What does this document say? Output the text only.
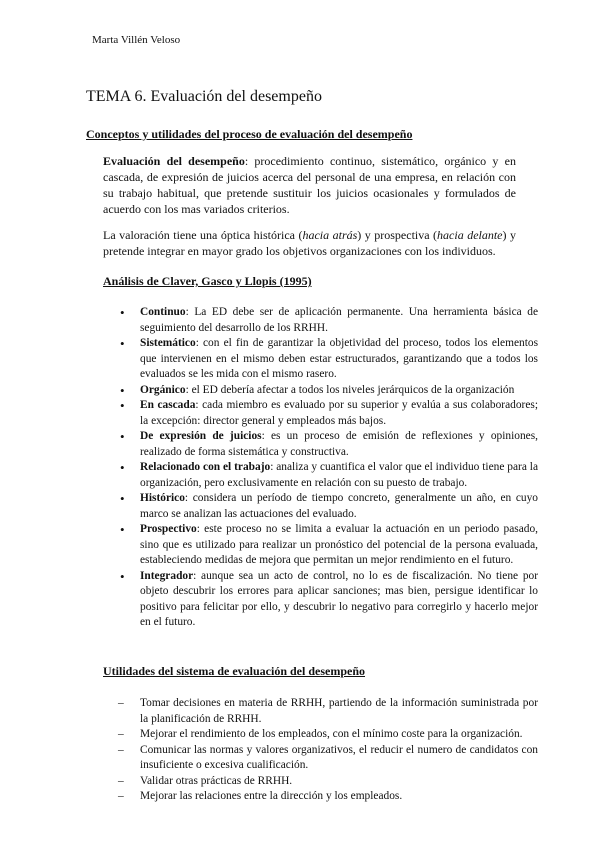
Marta Villén Veloso
TEMA 6. Evaluación del desempeño
Conceptos y utilidades del proceso de evaluación del desempeño

Evaluación del desempeño: procedimiento continuo, sistemático, orgánico y en cascada, de expresión de juicios acerca del personal de una empresa, en relación con su trabajo habitual, que pretende sustituir los juicios ocasionales y formulados de acuerdo con los mas variados criterios.

La valoración tiene una óptica histórica (hacia atrás) y prospectiva (hacia delante) y pretende integrar en mayor grado los objetivos organizaciones con los individuos.

Análisis de Claver, Gasco y Llopis (1995)
• Continuo: La ED debe ser de aplicación permanente. Una herramienta básica de seguimiento del desarrollo de los RRHH.
• Sistemático: con el fin de garantizar la objetividad del proceso, todos los elementos que intervienen en el mismo deben estar estructurados, garantizando que a todos los evaluados se les mida con el mismo rasero.
• Orgánico: el ED debería afectar a todos los niveles jerárquicos de la organización
• En cascada: cada miembro es evaluado por su superior y evalúa a sus colaboradores; la excepción: director general y empleados más bajos.
• De expresión de juicios: es un proceso de emisión de reflexiones y opiniones, realizado de forma sistemática y constructiva.
• Relacionado con el trabajo: analiza y cuantifica el valor que el individuo tiene para la organización, pero exclusivamente en relación con su puesto de trabajo.
• Histórico: considera un período de tiempo concreto, generalmente un año, en cuyo marco se analizan las actuaciones del evaluado.
• Prospectivo: este proceso no se limita a evaluar la actuación en un periodo pasado, sino que es utilizado para realizar un pronóstico del potencial de la persona evaluada, estableciendo medidas de mejora que permitan un mejor rendimiento en el futuro.
• Integrador: aunque sea un acto de control, no lo es de fiscalización. No tiene por objeto descubrir los errores para aplicar sanciones; mas bien, persigue identificar lo positivo para felicitar por ello, y descubrir lo negativo para corregirlo y hacerlo mejor en el futuro.
Utilidades del sistema de evaluación del desempeño
– Tomar decisiones en materia de RRHH, partiendo de la información suministrada por la planificación de RRHH.
– Mejorar el rendimiento de los empleados, con el mínimo coste para la organización.
– Comunicar las normas y valores organizativos, el reducir el numero de candidatos con insuficiente o excesiva cualificación.
– Validar otras prácticas de RRHH.
– Mejorar las relaciones entre la dirección y los empleados.
